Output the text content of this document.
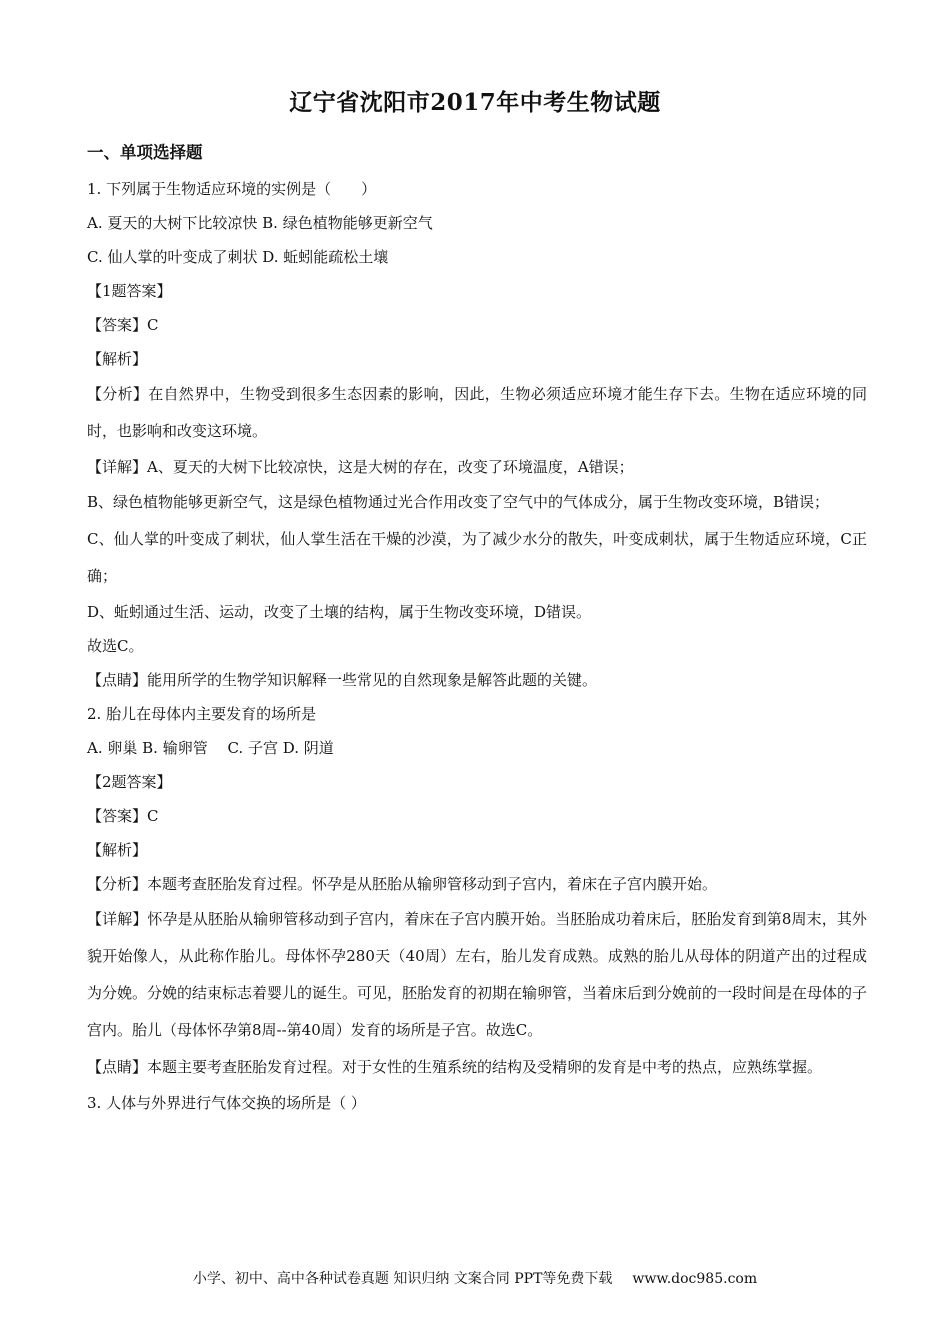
辽宁省沈阳市2017年中考生物试题
一、单项选择题
1. 下列属于生物适应环境的实例是（　　）
A. 夏天的大树下比较凉快 B. 绿色植物能够更新空气
C. 仙人掌的叶变成了刺状 D. 蚯蚓能疏松土壤
【1题答案】
【答案】C
【解析】
【分析】在自然界中，生物受到很多生态因素的影响，因此，生物必须适应环境才能生存下去。生物在适应环境的同时，也影响和改变这环境。
【详解】A、夏天的大树下比较凉快，这是大树的存在，改变了环境温度，A错误；
B、绿色植物能够更新空气，这是绿色植物通过光合作用改变了空气中的气体成分，属于生物改变环境，B错误；
C、仙人掌的叶变成了刺状，仙人掌生活在干燥的沙漠，为了减少水分的散失，叶变成刺状，属于生物适应环境，C正确；
D、蚯蚓通过生活、运动，改变了土壤的结构，属于生物改变环境，D错误。
故选C。
【点睛】能用所学的生物学知识解释一些常见的自然现象是解答此题的关键。
2. 胎儿在母体内主要发育的场所是
A. 卵巢 B. 输卵管　 C. 子宫 D. 阴道
【2题答案】
【答案】C
【解析】
【分析】本题考查胚胎发育过程。怀孕是从胚胎从输卵管移动到子宫内，着床在子宫内膜开始。
【详解】怀孕是从胚胎从输卵管移动到子宫内，着床在子宫内膜开始。当胚胎成功着床后，胚胎发育到第8周末，其外貌开始像人，从此称作胎儿。母体怀孕280天（40周）左右，胎儿发育成熟。成熟的胎儿从母体的阴道产出的过程成为分娩。分娩的结束标志着婴儿的诞生。可见，胚胎发育的初期在输卵管，当着床后到分娩前的一段时间是在母体的子宫内。胎儿（母体怀孕第8周--第40周）发育的场所是子宫。故选C。
【点睛】本题主要考查胚胎发育过程。对于女性的生殖系统的结构及受精卵的发育是中考的热点，应熟练掌握。
3. 人体与外界进行气体交换的场所是（ ）
小学、初中、高中各种试卷真题 知识归纳 文案合同 PPT等免费下载 www.doc985.com
